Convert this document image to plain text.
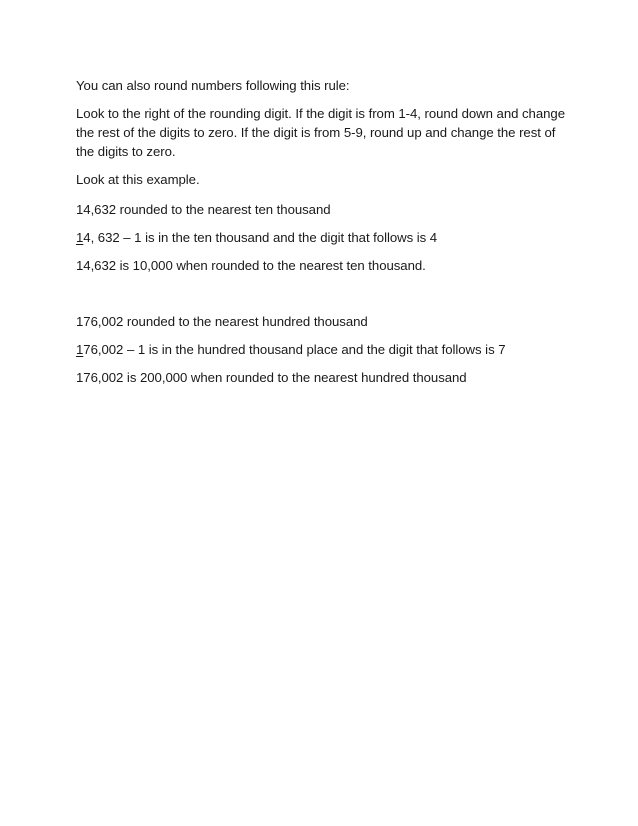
You can also round numbers following this rule:
Look to the right of the rounding digit. If the digit is from 1-4, round down and change the rest of the digits to zero. If the digit is from 5-9, round up and change the rest of the digits to zero.
Look at this example.
14,632 rounded to the nearest ten thousand
14, 632 – 1 is in the ten thousand and the digit that follows is 4
14,632 is 10,000 when rounded to the nearest ten thousand.
176,002 rounded to the nearest hundred thousand
176,002 – 1 is in the hundred thousand place and the digit that follows is 7
176,002 is 200,000 when rounded to the nearest hundred thousand
